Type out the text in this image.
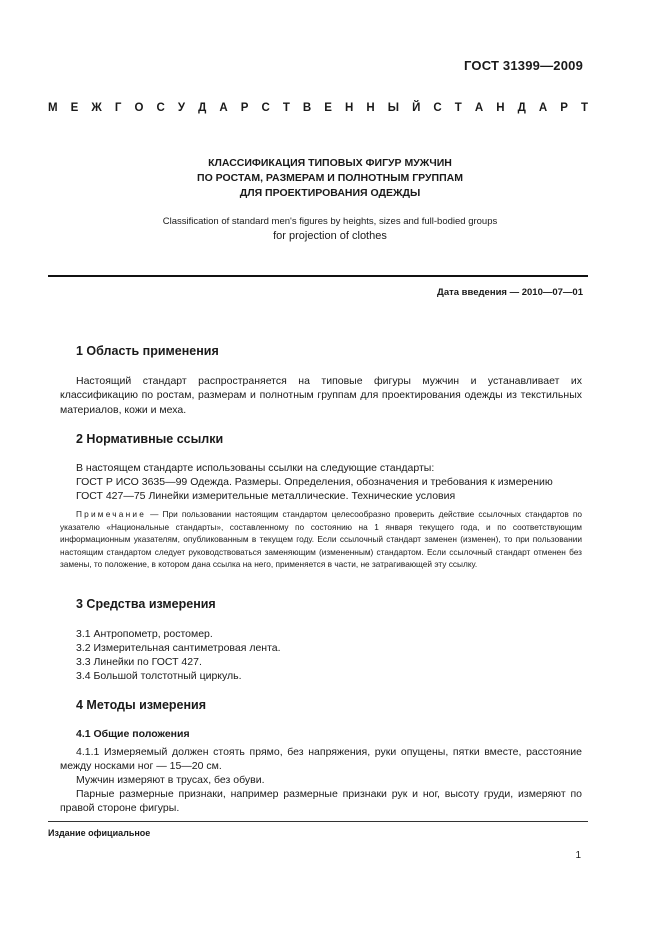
ГОСТ 31399—2009
М Е Ж Г О С У Д А Р С Т В Е Н Н Ы Й С Т А Н Д А Р Т
КЛАССИФИКАЦИЯ ТИПОВЫХ ФИГУР МУЖЧИН
ПО РОСТАМ, РАЗМЕРАМ И ПОЛНОТНЫМ ГРУППАМ
ДЛЯ ПРОЕКТИРОВАНИЯ ОДЕЖДЫ
Classification of standard men's figures by heights, sizes and full-bodied groups
for projection of clothes
Дата введения — 2010—07—01
1 Область применения
Настоящий стандарт распространяется на типовые фигуры мужчин и устанавливает их классификацию по ростам, размерам и полнотным группам для проектирования одежды из текстильных материалов, кожи и меха.
2 Нормативные ссылки
В настоящем стандарте использованы ссылки на следующие стандарты:
ГОСТ Р ИСО 3635—99 Одежда. Размеры. Определения, обозначения и требования к измерению
ГОСТ 427—75 Линейки измерительные металлические. Технические условия
Примечание — При пользовании настоящим стандартом целесообразно проверить действие ссылочных стандартов по указателю «Национальные стандарты», составленному по состоянию на 1 января текущего года, и по соответствующим информационным указателям, опубликованным в текущем году. Если ссылочный стандарт заменен (изменен), то при пользовании настоящим стандартом следует руководствоваться заменяющим (измененным) стандартом. Если ссылочный стандарт отменен без замены, то положение, в котором дана ссылка на него, применяется в части, не затрагивающей эту ссылку.
3 Средства измерения
3.1 Антропометр, ростомер.
3.2 Измерительная сантиметровая лента.
3.3 Линейки по ГОСТ 427.
3.4 Большой толстотный циркуль.
4 Методы измерения
4.1 Общие положения
4.1.1 Измеряемый должен стоять прямо, без напряжения, руки опущены, пятки вместе, расстояние между носками ног — 15—20 см.
Мужчин измеряют в трусах, без обуви.
Парные размерные признаки, например размерные признаки рук и ног, высоту груди, измеряют по правой стороне фигуры.
Издание официальное
1
